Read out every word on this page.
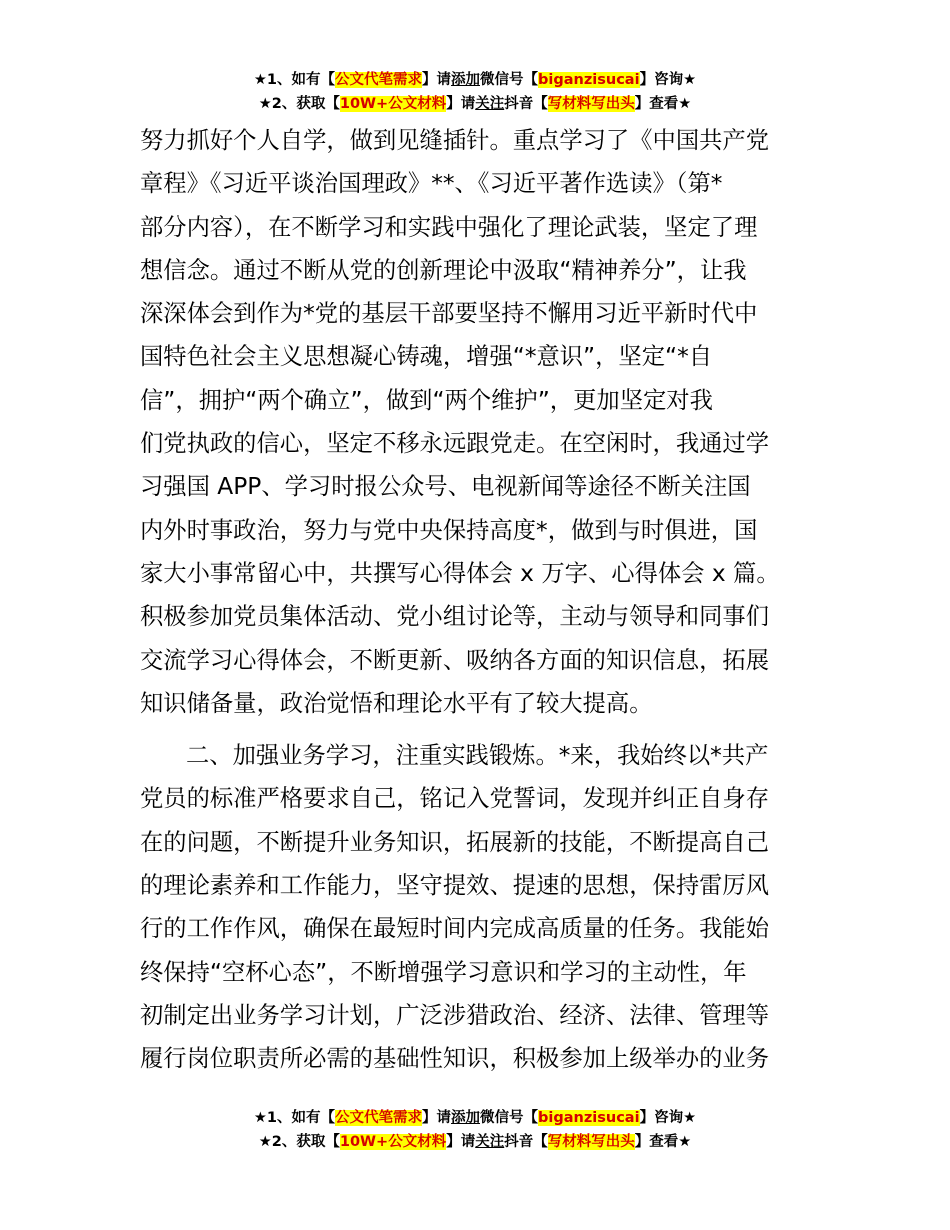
★1、如有【公文代笔需求】请添加微信号【biganzisucai】咨询★
★2、获取【10W+公文材料】请关注抖音【写材料写出头】查看★
努力抓好个人自学，做到见缝插针。重点学习了《中国共产党
章程》《习近平谈治国理政》**、《习近平著作选读》（第*
部分内容），在不断学习和实践中强化了理论武装，坚定了理
想信念。通过不断从党的创新理论中汲取“精神养分”，让我
深深体会到作为*党的基层干部要坚持不懈用习近平新时代中
国特色社会主义思想凝心铸魂，增强“*意识”，坚定“*自
信”，拥护“两个确立”，做到“两个维护”，更加坚定对我
们党执政的信心，坚定不移永远跟党走。在空闲时，我通过学
习强国 APP、学习时报公众号、电视新闻等途径不断关注国
内外时事政治，努力与党中央保持高度*，做到与时俱进，国
家大小事常留心中，共撰写心得体会 x 万字、心得体会 x 篇。
积极参加党员集体活动、党小组讨论等，主动与领导和同事们
交流学习心得体会，不断更新、吸纳各方面的知识信息，拓展
知识储备量，政治觉悟和理论水平有了较大提高。
二、加强业务学习，注重实践锻炼。*来，我始终以*共产
党员的标准严格要求自己，铭记入党誓词，发现并纠正自身存
在的问题，不断提升业务知识，拓展新的技能，不断提高自己
的理论素养和工作能力，坚守提效、提速的思想，保持雷厉风
行的工作作风，确保在最短时间内完成高质量的任务。我能始
终保持“空杯心态”，不断增强学习意识和学习的主动性，年
初制定出业务学习计划，广泛涉猎政治、经济、法律、管理等
履行岗位职责所必需的基础性知识，积极参加上级举办的业务
★1、如有【公文代笔需求】请添加微信号【biganzisucai】咨询★
★2、获取【10W+公文材料】请关注抖音【写材料写出头】查看★
